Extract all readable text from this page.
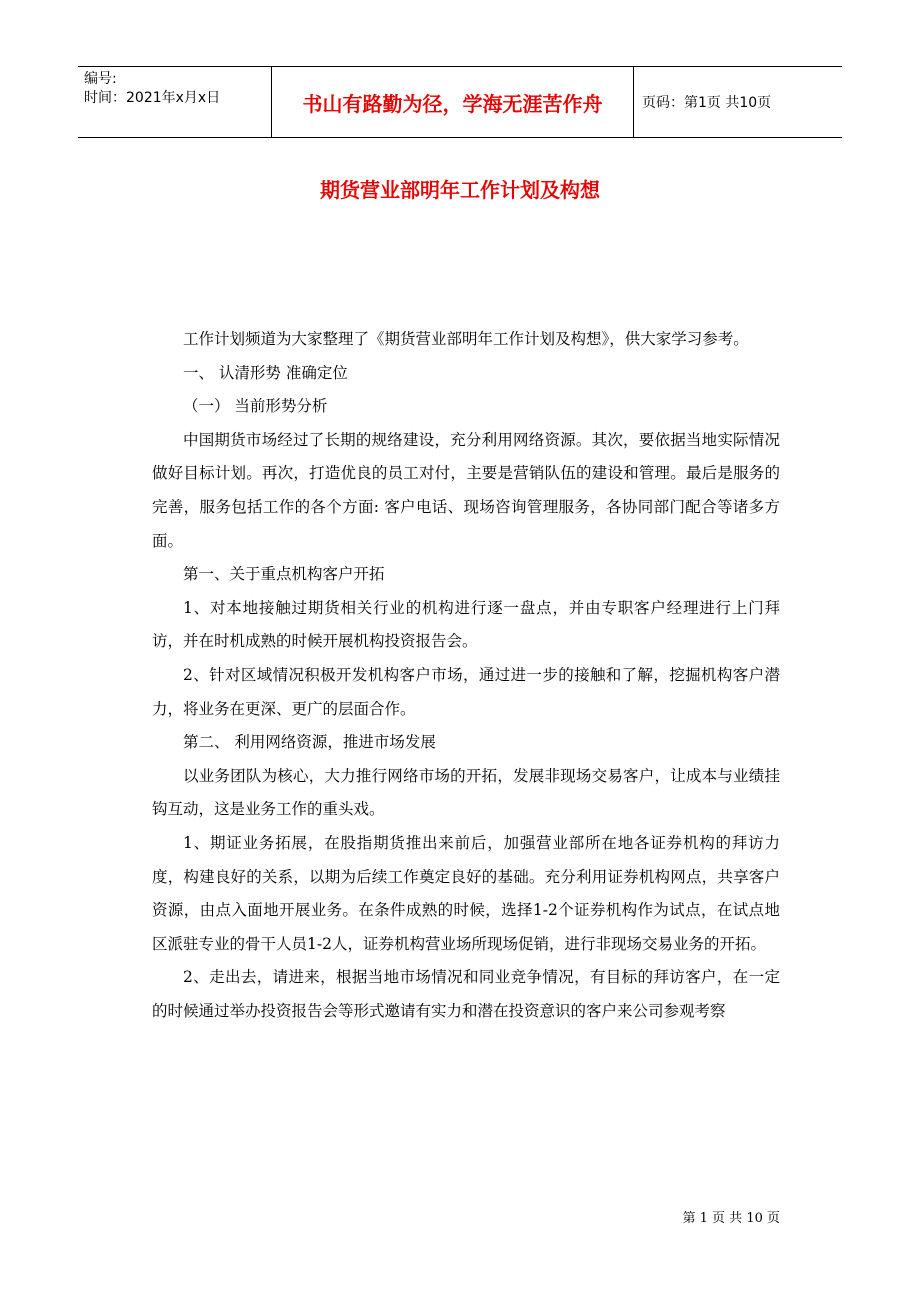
编号:
时间：2021年x月x日	书山有路勤为径，学海无涯苦作舟	页码：第1页 共10页
期货营业部明年工作计划及构想

工作计划频道为大家整理了《期货营业部明年工作计划及构想》，供大家学习参考。

一、 认清形势 准确定位

（一） 当前形势分析

中国期货市场经过了长期的规络建设，充分利用网络资源。其次，要依据当地实际情况做好目标计划。再次，打造优良的员工对付，主要是营销队伍的建设和管理。最后是服务的完善，服务包括工作的各个方面: 客户电话、现场咨询管理服务，各协同部门配合等诸多方面。

第一、关于重点机构客户开拓

1、对本地接触过期货相关行业的机构进行逐一盘点，并由专职客户经理进行上门拜访，并在时机成熟的时候开展机构投资报告会。

2、针对区域情况积极开发机构客户市场，通过进一步的接触和了解，挖掘机构客户潜力，将业务在更深、更广的层面合作。

第二、 利用网络资源，推进市场发展

以业务团队为核心，大力推行网络市场的开拓，发展非现场交易客户，让成本与业绩挂钩互动，这是业务工作的重头戏。

1、期证业务拓展，在股指期货推出来前后，加强营业部所在地各证券机构的拜访力度，构建良好的关系，以期为后续工作奠定良好的基础。充分利用证券机构网点，共享客户资源，由点入面地开展业务。在条件成熟的时候，选择1-2个证券机构作为试点，在试点地区派驻专业的骨干人员1-2人，证券机构营业场所现场促销，进行非现场交易业务的开拓。

2、走出去，请进来，根据当地市场情况和同业竞争情况，有目标的拜访客户，在一定的时候通过举办投资报告会等形式邀请有实力和潜在投资意识的客户来公司参观考察

第 1 页 共 10 页
